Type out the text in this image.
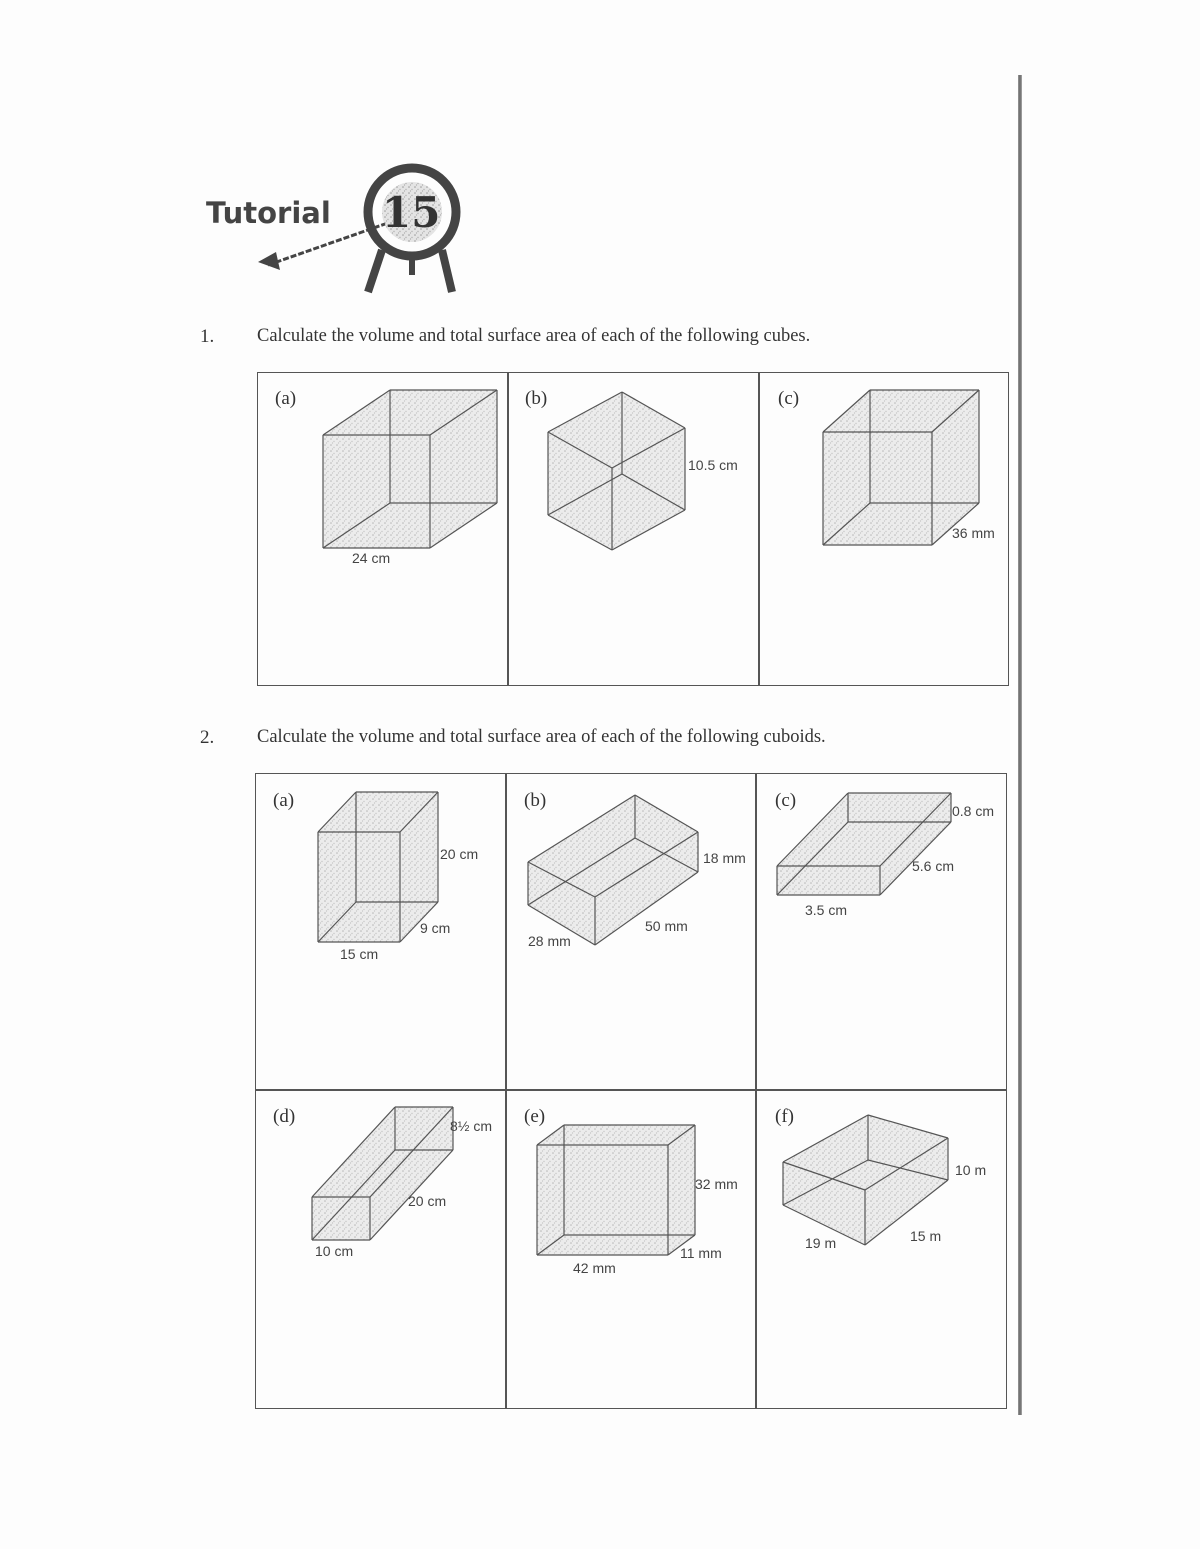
Tutorial 15
1. Calculate the volume and total surface area of each of the following cubes.
(a)
24 cm
(b)
10.5 cm
(c)
36 mm
2. Calculate the volume and total surface area of each of the following cuboids.
(a)
20 cm
9 cm
15 cm
(b)
18 mm
50 mm
28 mm
(c)	0.8 cm
5.6 cm
3.5 cm
(d)	8½ cm
20 cm
10 cm
(e)
32 mm
11 mm
42 mm
(f)
10 m
15 m
19 m
